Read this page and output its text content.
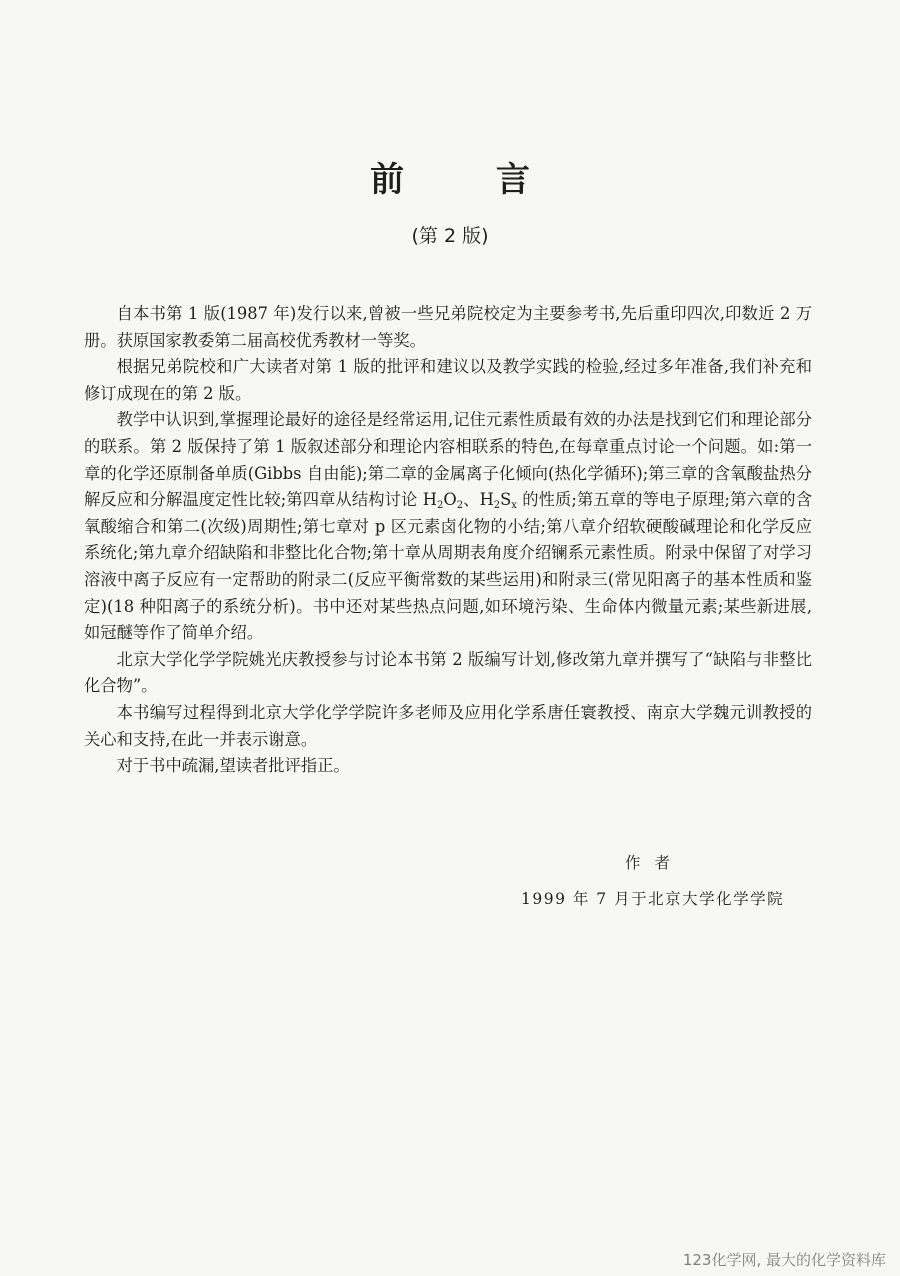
前 言
(第 2 版)

自本书第 1 版(1987 年)发行以来,曾被一些兄弟院校定为主要参考书,先后重印四次,印数近 2 万册。获原国家教委第二届高校优秀教材一等奖。

根据兄弟院校和广大读者对第 1 版的批评和建议以及教学实践的检验,经过多年准备,我们补充和修订成现在的第 2 版。

教学中认识到,掌握理论最好的途径是经常运用,记住元素性质最有效的办法是找到它们和理论部分的联系。第 2 版保持了第 1 版叙述部分和理论内容相联系的特色,在每章重点讨论一个问题。如:第一章的化学还原制备单质(Gibbs 自由能);第二章的金属离子化倾向(热化学循环);第三章的含氧酸盐热分解反应和分解温度定性比较;第四章从结构讨论 $H_2O_2$、$H_2S_x$ 的性质;第五章的等电子原理;第六章的含氧酸缩合和第二(次级)周期性;第七章对 p 区元素卤化物的小结;第八章介绍软硬酸碱理论和化学反应系统化;第九章介绍缺陷和非整比化合物;第十章从周期表角度介绍镧系元素性质。附录中保留了对学习溶液中离子反应有一定帮助的附录二(反应平衡常数的某些运用)和附录三(常见阳离子的基本性质和鉴定)(18 种阳离子的系统分析)。书中还对某些热点问题,如环境污染、生命体内微量元素;某些新进展,如冠醚等作了简单介绍。

北京大学化学学院姚光庆教授参与讨论本书第 2 版编写计划,修改第九章并撰写了“缺陷与非整比化合物”。

本书编写过程得到北京大学化学学院许多老师及应用化学系唐任寰教授、南京大学魏元训教授的关心和支持,在此一并表示谢意。

对于书中疏漏,望读者批评指正。

作者
1999 年 7 月于北京大学化学学院
123化学网, 最大的化学资料库
